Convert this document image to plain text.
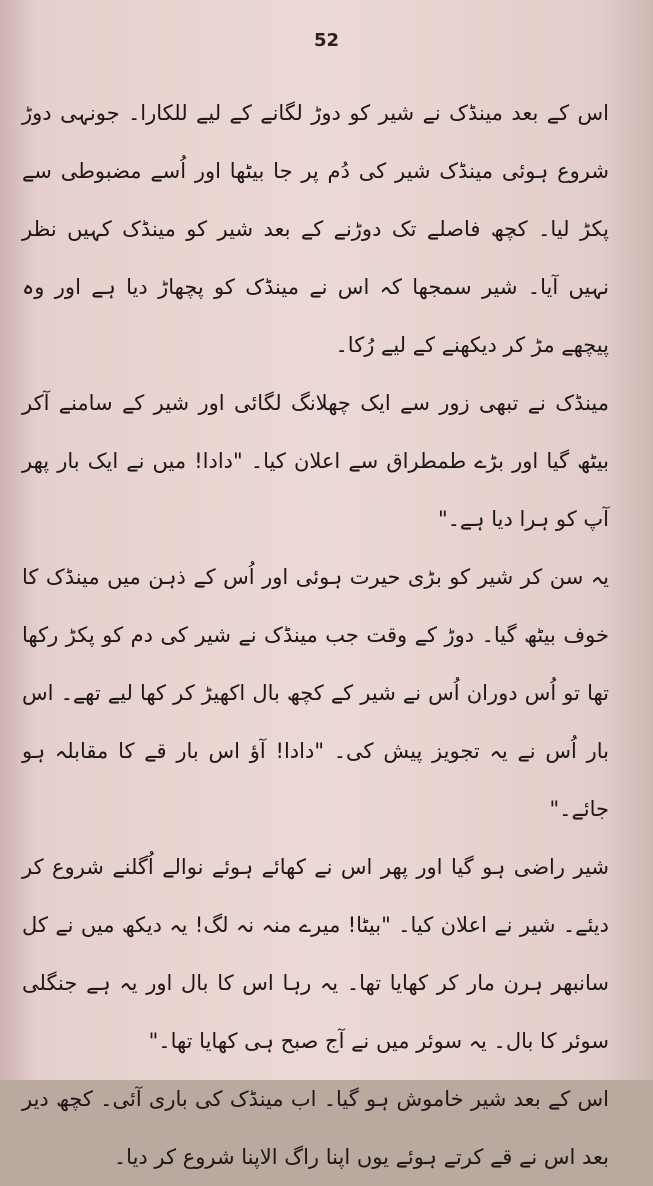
52

اس کے بعد مینڈک نے شیر کو دوڑ لگانے کے لیے للکارا۔ جونہی دوڑ شروع ہوئی مینڈک شیر کی دُم پر جا بیٹھا اور اُسے مضبوطی سے پکڑ لیا۔ کچھ فاصلے تک دوڑنے کے بعد شیر کو مینڈک کہیں نظر نہیں آیا۔ شیر سمجھا کہ اس نے مینڈک کو پچھاڑ دیا ہے اور وہ پیچھے مڑ کر دیکھنے کے لیے رُکا۔

مینڈک نے تبھی زور سے ایک چھلانگ لگائی اور شیر کے سامنے آکر بیٹھ گیا اور بڑے طمطراق سے اعلان کیا۔ "دادا! میں نے ایک بار پھر آپ کو ہرا دیا ہے۔"

یہ سن کر شیر کو بڑی حیرت ہوئی اور اُس کے ذہن میں مینڈک کا خوف بیٹھ گیا۔ دوڑ کے وقت جب مینڈک نے شیر کی دم کو پکڑ رکھا تھا تو اُس دوران اُس نے شیر کے کچھ بال اکھیڑ کر کھا لیے تھے۔ اس بار اُس نے یہ تجویز پیش کی۔ "دادا! آؤ اس بار قے کا مقابلہ ہو جائے۔"

شیر راضی ہو گیا اور پھر اس نے کھائے ہوئے نوالے اُگلنے شروع کر دیئے۔ شیر نے اعلان کیا۔ "بیٹا! میرے منہ نہ لگ! یہ دیکھ میں نے کل سانبھر ہرن مار کر کھایا تھا۔ یہ رہا اس کا بال اور یہ ہے جنگلی سوئر کا بال۔ یہ سوئر میں نے آج صبح ہی کھایا تھا۔"

اس کے بعد شیر خاموش ہو گیا۔ اب مینڈک کی باری آئی۔ کچھ دیر بعد اس نے قے کرتے ہوئے یوں اپنا راگ الاپنا شروع کر دیا۔
